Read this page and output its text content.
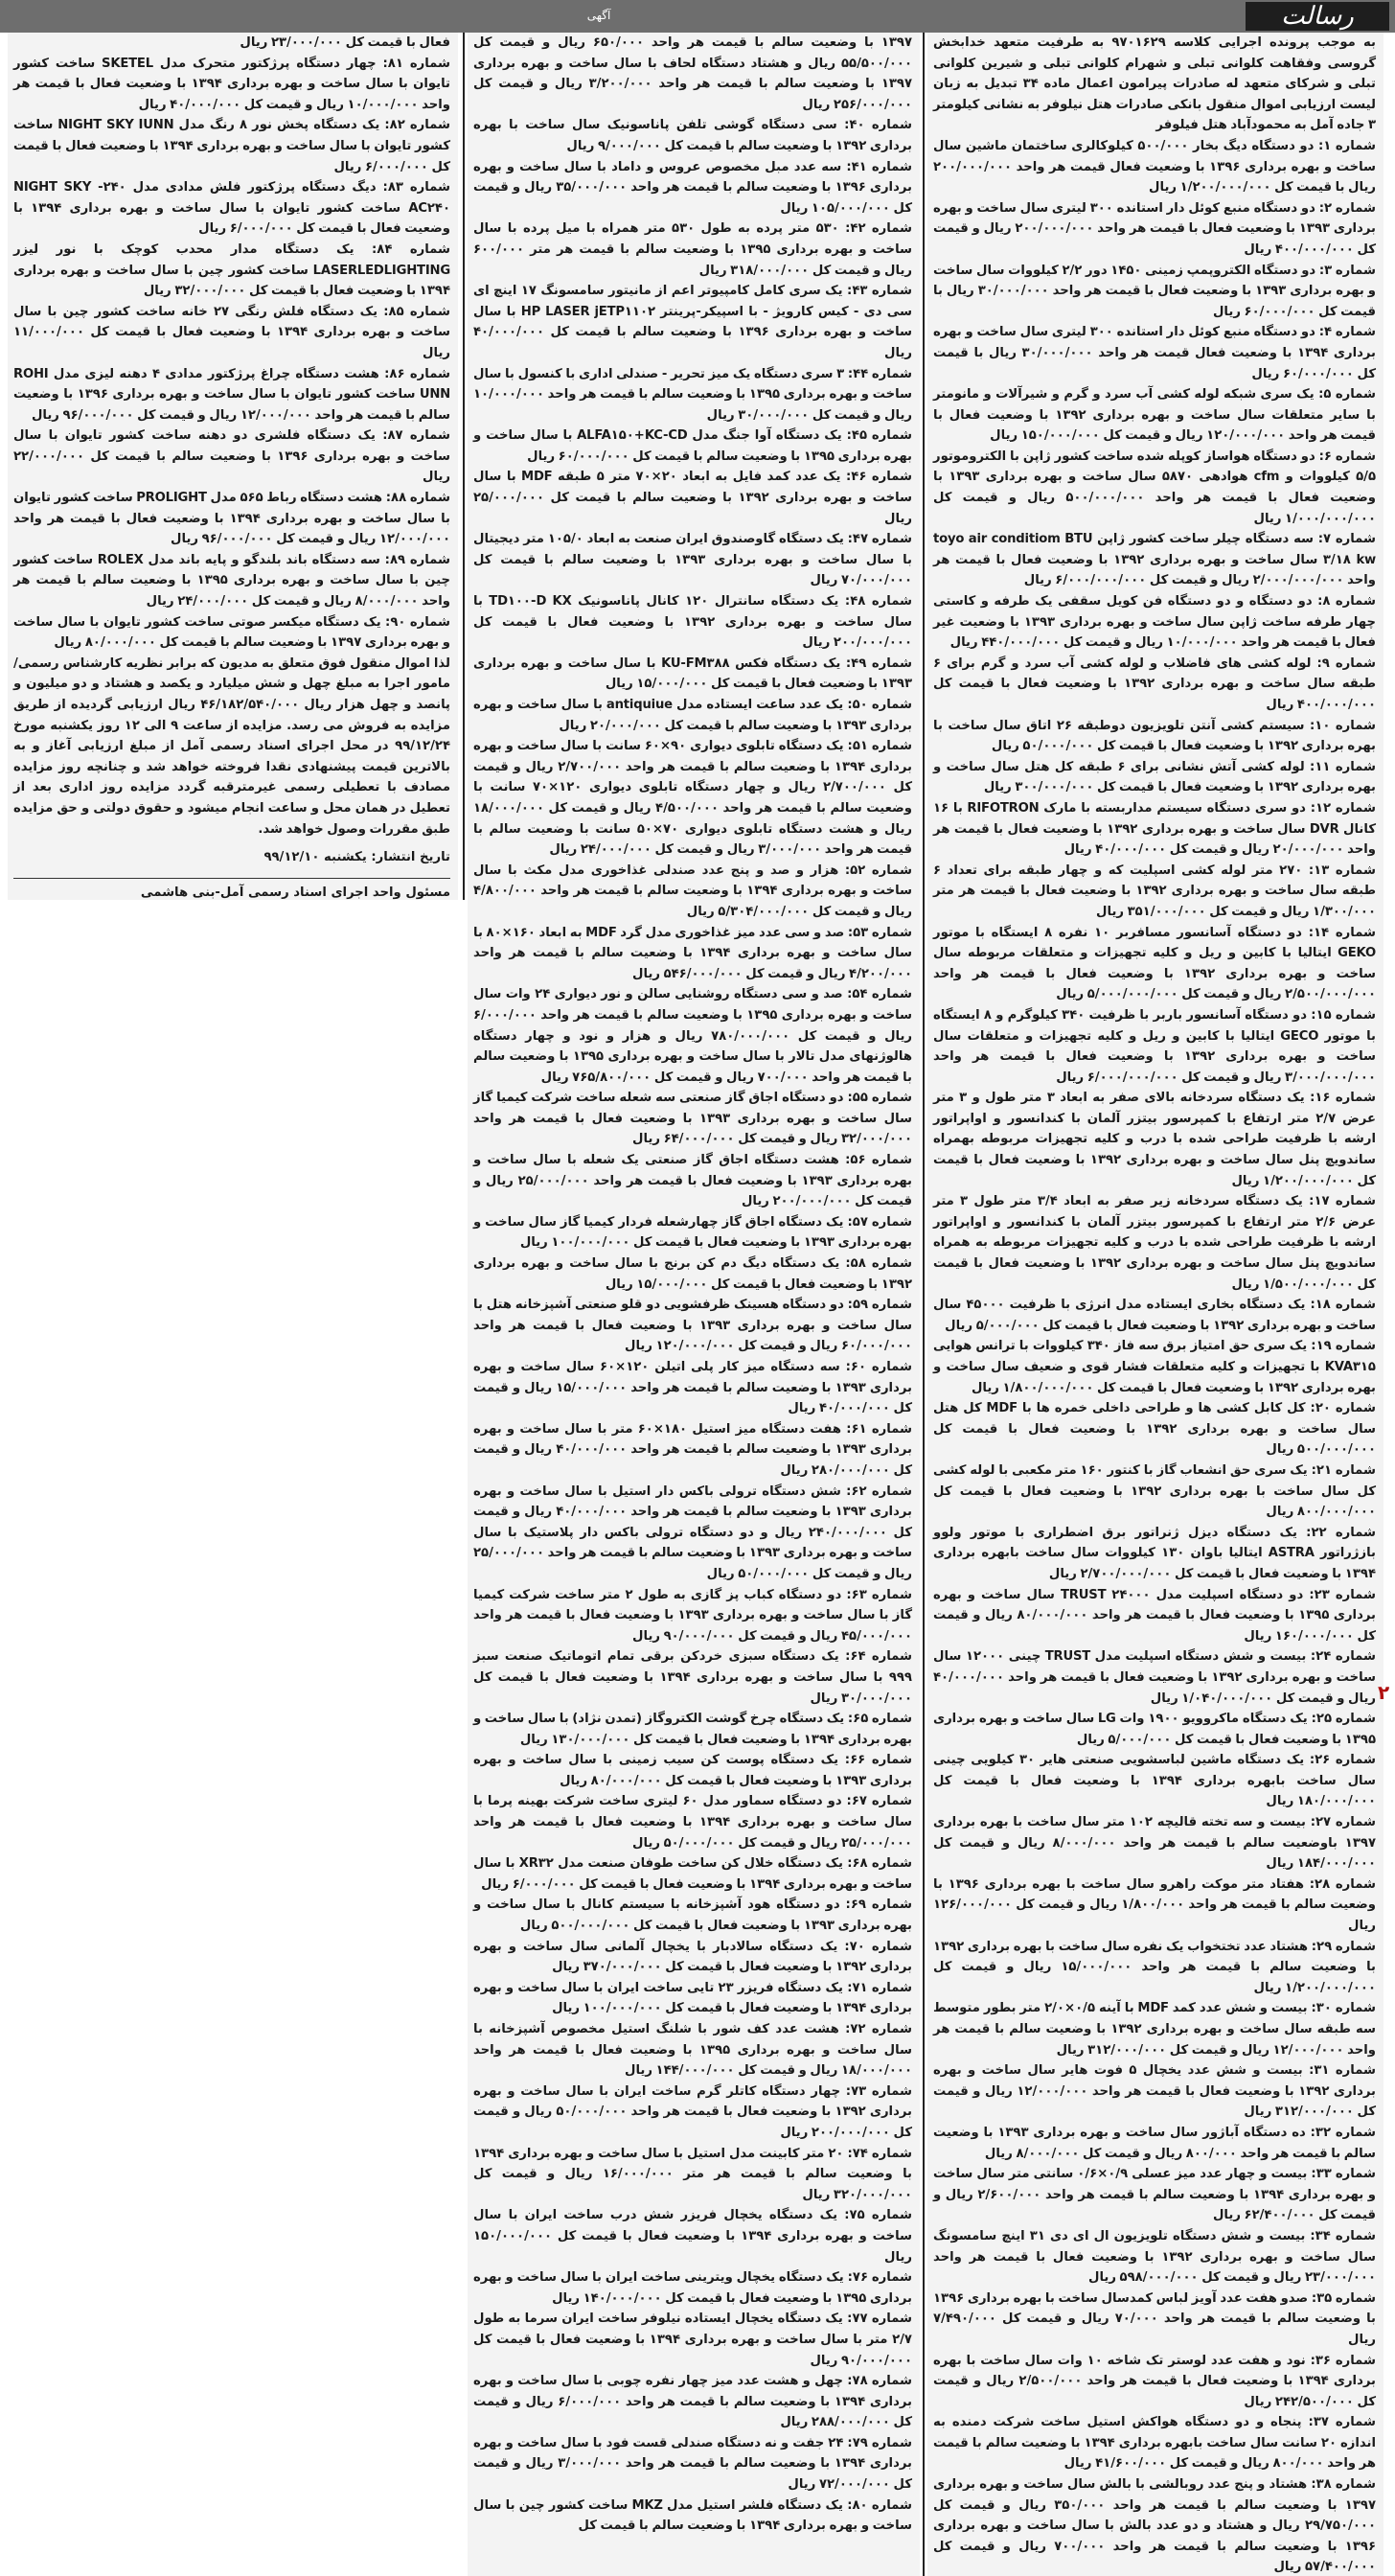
آگهی	رسالت

به موجب پرونده اجرایی کلاسه ۹۷۰۱۶۲۹ به طرفیت متعهد خدابخش گروسی وفقاهت کلوانی تبلی و شهرام کلوانی تبلی و شیرین کلوانی تبلی و شرکای متعهد له صادرات پیرامون اعمال ماده ۳۴ تبدیل به زبان لیست ارزیابی اموال منقول بانکی صادرات هتل نیلوفر به نشانی کیلومتر ۳ جاده آمل به محمودآباد هتل فیلوفر
شماره ۱: دو دستگاه دیگ بخار ۵۰۰/۰۰۰ کیلوکالری ساختمان ماشین سال ساخت و بهره برداری ۱۳۹۶ با وضعیت فعال قیمت هر واحد ۲۰۰/۰۰۰/۰۰۰ ریال با قیمت کل ۱/۲۰۰/۰۰۰/۰۰۰ ریال
شماره ۲: دو دستگاه منبع کوئل دار استانده ۳۰۰ لیتری سال ساخت و بهره برداری ۱۳۹۳ با وضعیت فعال با قیمت هر واحد ۲۰۰/۰۰۰/۰۰۰ ریال و قیمت کل ۴۰۰/۰۰۰/۰۰۰ ریال
شماره ۳: دو دستگاه الکتروپمپ زمینی ۱۴۵۰ دور ۲/۲ کیلووات سال ساخت و بهره برداری ۱۳۹۳ با وضعیت فعال با قیمت هر واحد ۳۰/۰۰۰/۰۰۰ ریال با قیمت کل ۶۰/۰۰۰/۰۰۰ ریال
شماره ۴: دو دستگاه منبع کوئل دار استانده ۳۰۰ لیتری سال ساخت و بهره برداری ۱۳۹۴ با وضعیت فعال قیمت هر واحد ۳۰/۰۰۰/۰۰۰ ریال با قیمت کل ۶۰/۰۰۰/۰۰۰ ریال
شماره ۵: یک سری شبکه لوله کشی آب سرد و گرم و شیرآلات و مانومتر با سایر متعلقات سال ساخت و بهره برداری ۱۳۹۲ با وضعیت فعال با قیمت هر واحد ۱۲۰/۰۰۰/۰۰۰ ریال و قیمت کل ۱۵۰/۰۰۰/۰۰۰ ریال
شماره ۶: دو دستگاه هواساز کوپله شده ساخت کشور ژاپن با الکتروموتور ۵/۵ کیلووات و cfm هوادهی ۵۸۷۰ سال ساخت و بهره برداری ۱۳۹۳ با وضعیت فعال با قیمت هر واحد ۵۰۰/۰۰۰/۰۰۰ ریال و قیمت کل ۱/۰۰۰/۰۰۰/۰۰۰ ریال
شماره ۷: سه دستگاه چیلر ساخت کشور ژاپن toyo air conditiom BTU ۳/۱۸ kw سال ساخت و بهره برداری ۱۳۹۲ با وضعیت فعال با قیمت هر واحد ۲/۰۰۰/۰۰۰/۰۰۰ ریال و قیمت کل ۶/۰۰۰/۰۰۰/۰۰۰ ریال
شماره ۸: دو دستگاه و دو دستگاه فن کویل سقفی یک طرفه و کاستی چهار طرفه ساخت ژاپن سال ساخت و بهره برداری ۱۳۹۳ با وضعیت غیر فعال با قیمت هر واحد ۱۰/۰۰۰/۰۰۰ ریال و قیمت کل ۴۴۰/۰۰۰/۰۰۰ ریال
شماره ۹: لوله کشی های فاضلاب و لوله کشی آب سرد و گرم برای ۶ طبقه سال ساخت و بهره برداری ۱۳۹۲ با وضعیت فعال با قیمت کل ۴۰۰/۰۰۰/۰۰۰ ریال
شماره ۱۰: سیستم کشی آنتن تلویزیون دوطبقه ۲۶ اتاق سال ساخت با بهره برداری ۱۳۹۲ با وضعیت فعال با قیمت کل ۵۰/۰۰۰/۰۰۰ ریال
شماره ۱۱: لوله کشی آتش نشانی برای ۶ طبقه کل هتل سال ساخت و بهره برداری ۱۳۹۲ با وضعیت فعال با قیمت کل ۳۰۰/۰۰۰/۰۰۰ ریال
شماره ۱۲: دو سری دستگاه سیستم مداربسته با مارک RIFOTRON با ۱۶ کانال DVR سال ساخت و بهره برداری ۱۳۹۲ با وضعیت فعال با قیمت هر واحد ۲۰/۰۰۰/۰۰۰ ریال و قیمت کل ۴۰/۰۰۰/۰۰۰ ریال
شماره ۱۳: ۲۷۰ متر لوله کشی اسپلیت که و چهار طبقه برای تعداد ۶ طبقه سال ساخت و بهره برداری ۱۳۹۲ با وضعیت فعال با قیمت هر متر ۱/۳۰۰/۰۰۰ ریال و قیمت کل ۳۵۱/۰۰۰/۰۰۰ ریال
شماره ۱۴: دو دستگاه آسانسور مسافربر ۱۰ نفره ۸ ایستگاه با موتور GEKO ایتالیا با کابین و ریل و کلیه تجهیزات و متعلقات مربوطه سال ساخت و بهره برداری ۱۳۹۲ با وضعیت فعال با قیمت هر واحد ۲/۵۰۰/۰۰۰/۰۰۰ ریال و قیمت کل ۵/۰۰۰/۰۰۰/۰۰۰ ریال
شماره ۱۵: دو دستگاه آسانسور باربر با ظرفیت ۳۴۰ کیلوگرم و ۸ ایستگاه با موتور GECO ایتالیا با کابین و ریل و کلیه تجهیزات و متعلقات سال ساخت و بهره برداری ۱۳۹۲ با وضعیت فعال با قیمت هر واحد ۳/۰۰۰/۰۰۰/۰۰۰ ریال و قیمت کل ۶/۰۰۰/۰۰۰/۰۰۰ ریال
شماره ۱۶: یک دستگاه سردخانه بالای صفر به ابعاد ۳ متر طول و ۳ متر عرض ۲/۷ متر ارتفاع با کمپرسور بیتزر آلمان با کندانسور و اواپراتور ارشه با ظرفیت طراحی شده با درب و کلیه تجهیزات مربوطه بهمراه ساندویچ پنل سال ساخت و بهره برداری ۱۳۹۲ با وضعیت فعال با قیمت کل ۱/۲۰۰/۰۰۰/۰۰۰ ریال
شماره ۱۷: یک دستگاه سردخانه زیر صفر به ابعاد ۳/۴ متر طول ۳ متر عرض ۲/۶ متر ارتفاع با کمپرسور بیتزر آلمان با کندانسور و اواپراتور ارشه با ظرفیت طراحی شده با درب و کلیه تجهیزات مربوطه به همراه ساندویچ پنل سال ساخت و بهره برداری ۱۳۹۲ با وضعیت فعال با قیمت کل ۱/۵۰۰/۰۰۰/۰۰۰ ریال
شماره ۱۸: یک دستگاه بخاری ایستاده مدل انرژی با ظرفیت ۴۵۰۰۰ سال ساخت و بهره برداری ۱۳۹۲ با وضعیت فعال با قیمت کل ۵/۰۰۰/۰۰۰ ریال
شماره ۱۹: یک سری حق امتیاز برق سه فاز ۳۴۰ کیلووات با ترانس هوایی KVA۳۱۵ با تجهیزات و کلیه متعلقات فشار قوی و ضعیف سال ساخت و بهره برداری ۱۳۹۲ با وضعیت فعال با قیمت کل ۱/۸۰۰/۰۰۰/۰۰۰ ریال
شماره ۲۰: کل کابل کشی ها و طراحی داخلی خمره ها با MDF کل هتل سال ساخت و بهره برداری ۱۳۹۲ با وضعیت فعال با قیمت کل ۵۰۰/۰۰۰/۰۰۰ ریال
شماره ۲۱: یک سری حق انشعاب گاز با کنتور ۱۶۰ متر مکعبی با لوله کشی کل سال ساخت با بهره برداری ۱۳۹۲ با وضعیت فعال با قیمت کل ۸۰۰/۰۰۰/۰۰۰ ریال
شماره ۲۲: یک دستگاه دیزل ژنراتور برق اضطراری با موتور ولوو بازژراتور ASTRA ایتالیا باوان ۱۳۰ کیلووات سال ساخت بابهره برداری ۱۳۹۴ با وضعیت فعال با قیمت کل ۲/۷۰۰/۰۰۰/۰۰۰ ریال
شماره ۲۳: دو دستگاه اسپلیت مدل TRUST ۲۴۰۰۰ سال ساخت و بهره برداری ۱۳۹۵ با وضعیت فعال با قیمت هر واحد ۸۰/۰۰۰/۰۰۰ ریال و قیمت کل ۱۶۰/۰۰۰/۰۰۰ ریال
شماره ۲۴: بیست و شش دستگاه اسپلیت مدل TRUST چینی ۱۲۰۰۰ سال ساخت و بهره برداری ۱۳۹۲ با وضعیت فعال با قیمت هر واحد ۴۰/۰۰۰/۰۰۰ ریال و قیمت کل ۱/۰۴۰/۰۰۰/۰۰۰ ریال
شماره ۲۵: یک دستگاه ماکروویو ۱۹۰۰ وات LG سال ساخت و بهره برداری ۱۳۹۵ با وضعیت فعال با قیمت کل ۵/۰۰۰/۰۰۰ ریال
شماره ۲۶: یک دستگاه ماشین لباسشویی صنعتی هایر ۳۰ کیلویی چینی سال ساخت بابهره برداری ۱۳۹۴ با وضعیت فعال با قیمت کل ۱۸۰/۰۰۰/۰۰۰ ریال
شماره ۲۷: بیست و سه تخته قالیچه ۱۰۲ متر سال ساخت با بهره برداری ۱۳۹۷ باوضعیت سالم با قیمت هر واحد ۸/۰۰۰/۰۰۰ ریال و قیمت کل ۱۸۴/۰۰۰/۰۰۰ ریال
شماره ۲۸: هفتاد متر موکت راهرو سال ساخت با بهره برداری ۱۳۹۶ با وضعیت سالم با قیمت هر واحد ۱/۸۰۰/۰۰۰ ریال و قیمت کل ۱۲۶/۰۰۰/۰۰۰ ریال
شماره ۲۹: هشتاد عدد تختخواب یک نفره سال ساخت با بهره برداری ۱۳۹۲ با وضعیت سالم با قیمت هر واحد ۱۵/۰۰۰/۰۰۰ ریال و قیمت کل ۱/۲۰۰/۰۰۰/۰۰۰ ریال
شماره ۳۰: بیست و شش عدد کمد MDF با آینه ۰/۵×۲/۰ متر بطور متوسط سه طبقه سال ساخت و بهره برداری ۱۳۹۲ با وضعیت سالم با قیمت هر واحد ۱۲/۰۰۰/۰۰۰ ریال و قیمت کل ۳۱۲/۰۰۰/۰۰۰ ریال
شماره ۳۱: بیست و شش عدد یخچال ۵ فوت هایر سال ساخت و بهره برداری ۱۳۹۲ با وضعیت فعال با قیمت هر واحد ۱۲/۰۰۰/۰۰۰ ریال و قیمت کل ۳۱۲/۰۰۰/۰۰۰ ریال
شماره ۳۲: ده دستگاه آباژور سال ساخت و بهره برداری ۱۳۹۳ با وضعیت سالم با قیمت هر واحد ۸۰۰/۰۰۰ ریال و قیمت کل ۸/۰۰۰/۰۰۰ ریال
شماره ۳۳: بیست و چهار عدد میز عسلی ۰/۹×۰/۶ سانتی متر سال ساخت و بهره برداری ۱۳۹۴ با وضعیت سالم با قیمت هر واحد ۲/۶۰۰/۰۰۰ ریال و قیمت کل ۶۲/۴۰۰/۰۰۰ ریال
شماره ۳۴: بیست و شش دستگاه تلویزیون ال ای دی ۳۱ اینچ سامسونگ سال ساخت و بهره برداری ۱۳۹۲ با وضعیت فعال با قیمت هر واحد ۲۳/۰۰۰/۰۰۰ ریال و قیمت کل ۵۹۸/۰۰۰/۰۰۰ ریال
شماره ۳۵: صدو هفت عدد آویز لباس کمدسال ساخت با بهره برداری ۱۳۹۶ با وضعیت سالم با قیمت هر واحد ۷۰/۰۰۰ ریال و قیمت کل ۷/۴۹۰/۰۰۰ ریال
شماره ۳۶: نود و هفت عدد لوستر تک شاخه ۱۰ وات سال ساخت با بهره برداری ۱۳۹۴ با وضعیت فعال با قیمت هر واحد ۲/۵۰۰/۰۰۰ ریال و قیمت کل ۲۴۲/۵۰۰/۰۰۰ ریال
شماره ۳۷: پنجاه و دو دستگاه هواکش استیل ساخت شرکت دمنده به اندازه ۲۰ سانت سال ساخت بابهره برداری ۱۳۹۴ با وضعیت سالم با قیمت هر واحد ۸۰۰/۰۰۰ ریال و قیمت کل ۴۱/۶۰۰/۰۰۰ ریال
شماره ۳۸: هشتاد و پنج عدد روبالشی با بالش سال ساخت و بهره برداری ۱۳۹۷ با وضعیت سالم با قیمت هر واحد ۳۵۰/۰۰۰ ریال و قیمت کل ۲۹/۷۵۰/۰۰۰ ریال و هشتاد و دو عدد بالش با سال ساخت و بهره برداری ۱۳۹۶ با وضعیت سالم با قیمت هر واحد ۷۰۰/۰۰۰ ریال و قیمت کل ۵۷/۴۰۰/۰۰۰ ریال

۱۳۹۷ با وضعیت سالم با قیمت هر واحد ۶۵۰/۰۰۰ ریال و قیمت کل ۵۵/۵۰۰/۰۰۰ ریال و هشتاد دستگاه لحاف با سال ساخت و بهره برداری ۱۳۹۷ با وضعیت سالم با قیمت هر واحد ۳/۲۰۰/۰۰۰ ریال و قیمت کل ۲۵۶/۰۰۰/۰۰۰ ریال
شماره ۴۰: سی دستگاه گوشی تلفن پاناسونیک سال ساخت با بهره برداری ۱۳۹۲ با وضعیت سالم با قیمت کل ۹/۰۰۰/۰۰۰ ریال
شماره ۴۱: سه عدد مبل مخصوص عروس و داماد با سال ساخت و بهره برداری ۱۳۹۶ با وضعیت سالم با قیمت هر واحد ۳۵/۰۰۰/۰۰۰ ریال و قیمت کل ۱۰۵/۰۰۰/۰۰۰ ریال
شماره ۴۲: ۵۳۰ متر پرده به طول ۵۳۰ متر همراه با میل پرده با سال ساخت و بهره برداری ۱۳۹۵ با وضعیت سالم با قیمت هر متر ۶۰۰/۰۰۰ ریال و قیمت کل ۳۱۸/۰۰۰/۰۰۰ ریال
شماره ۴۳: یک سری کامل کامپیوتر اعم از مانیتور سامسونگ ۱۷ اینچ ای سی دی - کیس کارویژ - با اسپیکر-پرینتر HP LASER jETP۱۱۰۲ با سال ساخت و بهره برداری ۱۳۹۶ با وضعیت سالم با قیمت کل ۴۰/۰۰۰/۰۰۰ ریال
شماره ۴۴: ۳ سری دستگاه یک میز تحریر - صندلی اداری با کنسول با سال ساخت و بهره برداری ۱۳۹۵ با وضعیت سالم با قیمت هر واحد ۱۰/۰۰۰/۰۰۰ ریال و قیمت کل ۳۰/۰۰۰/۰۰۰ ریال
شماره ۴۵: یک دستگاه آوا جنگ مدل ALFA۱۵۰+KC-CD با سال ساخت و بهره برداری ۱۳۹۵ با وضعیت سالم با قیمت کل ۶۰/۰۰۰/۰۰۰ ریال
شماره ۴۶: یک عدد کمد فایل به ابعاد ۲۰×۷۰ متر ۵ طبقه MDF با سال ساخت و بهره برداری ۱۳۹۲ با وضعیت سالم با قیمت کل ۲۵/۰۰۰/۰۰۰ ریال
شماره ۴۷: یک دستگاه گاوصندوق ایران صنعت به ابعاد ۱۰۵/۰ متر دیجیتال با سال ساخت و بهره برداری ۱۳۹۳ با وضعیت سالم با قیمت کل ۷۰/۰۰۰/۰۰۰ ریال
شماره ۴۸: یک دستگاه سانترال ۱۲۰ کانال پاناسونیک TD۱۰۰-D KX با سال ساخت و بهره برداری ۱۳۹۲ با وضعیت فعال با قیمت کل ۲۰۰/۰۰۰/۰۰۰ ریال
شماره ۴۹: یک دستگاه فکس KU-FM۳۸۸ با سال ساخت و بهره برداری ۱۳۹۳ با وضعیت فعال با قیمت کل ۱۵/۰۰۰/۰۰۰ ریال
شماره ۵۰: یک عدد ساعت ایستاده مدل antiquiue با سال ساخت و بهره برداری ۱۳۹۳ با وضعیت سالم با قیمت کل ۲۰/۰۰۰/۰۰۰ ریال
شماره ۵۱: یک دستگاه تابلوی دیواری ۹۰×۶۰ سانت با سال ساخت و بهره برداری ۱۳۹۴ با وضعیت سالم با قیمت هر واحد ۲/۷۰۰/۰۰۰ ریال و قیمت کل ۲/۷۰۰/۰۰۰ ریال و چهار دستگاه تابلوی دیواری ۱۲۰×۷۰ سانت با وضعیت سالم با قیمت هر واحد ۴/۵۰۰/۰۰۰ ریال و قیمت کل ۱۸/۰۰۰/۰۰۰ ریال و هشت دستگاه تابلوی دیواری ۷۰×۵۰ سانت با وضعیت سالم با قیمت هر واحد ۳/۰۰۰/۰۰۰ ریال و قیمت کل ۲۴/۰۰۰/۰۰۰ ریال
شماره ۵۲: هزار و صد و پنج عدد صندلی غذاخوری مدل مکث با سال ساخت و بهره برداری ۱۳۹۴ با وضعیت سالم با قیمت هر واحد ۴/۸۰۰/۰۰۰ ریال و قیمت کل ۵/۳۰۴/۰۰۰/۰۰۰ ریال
شماره ۵۳: صد و سی عدد میز غذاخوری مدل گرد MDF به ابعاد ۱۶۰×۸۰ با سال ساخت و بهره برداری ۱۳۹۴ با وضعیت سالم با قیمت هر واحد ۴/۲۰۰/۰۰۰ ریال و قیمت کل ۵۴۶/۰۰۰/۰۰۰ ریال
شماره ۵۴: صد و سی دستگاه روشنایی سالن و نور دیواری ۲۴ وات سال ساخت و بهره برداری ۱۳۹۵ با وضعیت سالم با قیمت هر واحد ۶/۰۰۰/۰۰۰ ریال و قیمت کل ۷۸۰/۰۰۰/۰۰۰ ریال و هزار و نود و چهار دستگاه هالوژنهای مدل تالار با سال ساخت و بهره برداری ۱۳۹۵ با وضعیت سالم با قیمت هر واحد ۷۰۰/۰۰۰ ریال و قیمت کل ۷۶۵/۸۰۰/۰۰۰ ریال
شماره ۵۵: دو دستگاه اجاق گاز صنعتی سه شعله ساخت شرکت کیمیا گاز سال ساخت و بهره برداری ۱۳۹۳ با وضعیت فعال با قیمت هر واحد ۳۲/۰۰۰/۰۰۰ ریال و قیمت کل ۶۴/۰۰۰/۰۰۰ ریال
شماره ۵۶: هشت دستگاه اجاق گاز صنعتی یک شعله با سال ساخت و بهره برداری ۱۳۹۳ با وضعیت فعال با قیمت هر واحد ۲۵/۰۰۰/۰۰۰ ریال و قیمت کل ۲۰۰/۰۰۰/۰۰۰ ریال
شماره ۵۷: یک دستگاه اجاق گاز چهارشعله فردار کیمیا گاز سال ساخت و بهره برداری ۱۳۹۳ با وضعیت فعال با قیمت کل ۱۰۰/۰۰۰/۰۰۰ ریال
شماره ۵۸: یک دستگاه دیگ دم کن برنج با سال ساخت و بهره برداری ۱۳۹۲ با وضعیت فعال با قیمت کل ۱۵/۰۰۰/۰۰۰ ریال
شماره ۵۹: دو دستگاه هسینک ظرفشویی دو قلو صنعتی آشپزخانه هتل با سال ساخت و بهره برداری ۱۳۹۳ با وضعیت فعال با قیمت هر واحد ۶۰/۰۰۰/۰۰۰ ریال و قیمت کل ۱۲۰/۰۰۰/۰۰۰ ریال
شماره ۶۰: سه دستگاه میز کار پلی اتیلن ۱۲۰×۶۰ سال ساخت و بهره برداری ۱۳۹۳ با وضعیت سالم با قیمت هر واحد ۱۵/۰۰۰/۰۰۰ ریال و قیمت کل ۴۰/۰۰۰/۰۰۰ ریال
شماره ۶۱: هفت دستگاه میز استیل ۱۸۰×۶۰ متر با سال ساخت و بهره برداری ۱۳۹۳ با وضعیت سالم با قیمت هر واحد ۴۰/۰۰۰/۰۰۰ ریال و قیمت کل ۲۸۰/۰۰۰/۰۰۰ ریال
شماره ۶۲: شش دستگاه ترولی باکس دار استیل با سال ساخت و بهره برداری ۱۳۹۳ با وضعیت سالم با قیمت هر واحد ۴۰/۰۰۰/۰۰۰ ریال و قیمت کل ۲۴۰/۰۰۰/۰۰۰ ریال و دو دستگاه ترولی باکس دار پلاستیک با سال ساخت و بهره برداری ۱۳۹۳ با وضعیت سالم با قیمت هر واحد ۲۵/۰۰۰/۰۰۰ ریال و قیمت کل ۵۰/۰۰۰/۰۰۰ ریال
شماره ۶۳: دو دستگاه کباب پز گازی به طول ۲ متر ساخت شرکت کیمیا گاز با سال ساخت و بهره برداری ۱۳۹۳ با وضعیت فعال با قیمت هر واحد ۴۵/۰۰۰/۰۰۰ ریال و قیمت کل ۹۰/۰۰۰/۰۰۰ ریال
شماره ۶۴: یک دستگاه سبزی خردکن برقی تمام اتوماتیک صنعت سبز ۹۹۹ با سال ساخت و بهره برداری ۱۳۹۴ با وضعیت فعال با قیمت کل ۳۰/۰۰۰/۰۰۰ ریال
شماره ۶۵: یک دستگاه چرخ گوشت الکتروگاز (تمدن نژاد) با سال ساخت و بهره برداری ۱۳۹۴ با وضعیت فعال با قیمت کل ۱۳۰/۰۰۰/۰۰۰ ریال
شماره ۶۶: یک دستگاه پوست کن سیب زمینی با سال ساخت و بهره برداری ۱۳۹۳ با وضعیت فعال با قیمت کل ۸۰/۰۰۰/۰۰۰ ریال
شماره ۶۷: دو دستگاه سماور مدل ۶۰ لیتری ساخت شرکت بهینه پرما با سال ساخت و بهره برداری ۱۳۹۴ با وضعیت فعال با قیمت هر واحد ۲۵/۰۰۰/۰۰۰ ریال و قیمت کل ۵۰/۰۰۰/۰۰۰ ریال
شماره ۶۸: یک دستگاه خلال کن ساخت طوفان صنعت مدل XR۳۲ با سال ساخت و بهره برداری ۱۳۹۴ با وضعیت فعال با قیمت کل ۶/۰۰۰/۰۰۰ ریال
شماره ۶۹: دو دستگاه هود آشپزخانه با سیستم کانال با سال ساخت و بهره برداری ۱۳۹۳ با وضعیت فعال با قیمت کل ۵۰۰/۰۰۰/۰۰۰ ریال
شماره ۷۰: یک دستگاه سالادبار با یخچال آلمانی سال ساخت و بهره برداری ۱۳۹۲ با وضعیت فعال با قیمت کل ۳۷۰/۰۰۰/۰۰۰ ریال
شماره ۷۱: یک دستگاه فریزر ۲۳ تایی ساخت ایران با سال ساخت و بهره برداری ۱۳۹۴ با وضعیت فعال با قیمت کل ۱۰۰/۰۰۰/۰۰۰ ریال
شماره ۷۲: هشت عدد کف شور با شلنگ استیل مخصوص آشپزخانه با سال ساخت و بهره برداری ۱۳۹۵ با وضعیت فعال با قیمت هر واحد ۱۸/۰۰۰/۰۰۰ ریال و قیمت کل ۱۴۴/۰۰۰/۰۰۰ ریال
شماره ۷۳: چهار دستگاه کاتلر گرم ساخت ایران با سال ساخت و بهره برداری ۱۳۹۲ با وضعیت فعال با قیمت هر واحد ۵۰/۰۰۰/۰۰۰ ریال و قیمت کل ۲۰۰/۰۰۰/۰۰۰ ریال
شماره ۷۴: ۲۰ متر کابینت مدل استیل با سال ساخت و بهره برداری ۱۳۹۴ با وضعیت سالم با قیمت هر متر ۱۶/۰۰۰/۰۰۰ ریال و قیمت کل ۳۲۰/۰۰۰/۰۰۰ ریال
شماره ۷۵: یک دستگاه یخچال فریزر شش درب ساخت ایران با سال ساخت و بهره برداری ۱۳۹۴ با وضعیت فعال با قیمت کل ۱۵۰/۰۰۰/۰۰۰ ریال
شماره ۷۶: یک دستگاه یخچال ویترینی ساخت ایران با سال ساخت و بهره برداری ۱۳۹۵ با وضعیت فعال با قیمت کل ۱۴۰/۰۰۰/۰۰۰ ریال
شماره ۷۷: یک دستگاه یخچال ایستاده نیلوفر ساخت ایران سرما به طول ۲/۷ متر با سال ساخت و بهره برداری ۱۳۹۴ با وضعیت فعال با قیمت کل ۹۰/۰۰۰/۰۰۰ ریال
شماره ۷۸: چهل و هشت عدد میز چهار نفره چوبی با سال ساخت و بهره برداری ۱۳۹۴ با وضعیت سالم با قیمت هر واحد ۶/۰۰۰/۰۰۰ ریال و قیمت کل ۲۸۸/۰۰۰/۰۰۰ ریال
شماره ۷۹: ۲۴ جفت و نه دستگاه صندلی قست فود با سال ساخت و بهره برداری ۱۳۹۴ با وضعیت سالم با قیمت هر واحد ۳/۰۰۰/۰۰۰ ریال و قیمت کل ۷۲/۰۰۰/۰۰۰ ریال
شماره ۸۰: یک دستگاه فلشر استیل مدل MKZ ساخت کشور چین با سال ساخت و بهره برداری ۱۳۹۴ با وضعیت سالم با قیمت کل

فعال با قیمت کل ۲۳/۰۰۰/۰۰۰ ریال
شماره ۸۱: چهار دستگاه پرژکتور متحرک مدل SKETEL ساخت کشور تایوان با سال ساخت و بهره برداری ۱۳۹۴ با وضعیت فعال با قیمت هر واحد ۱۰/۰۰۰/۰۰۰ ریال و قیمت کل ۴۰/۰۰۰/۰۰۰ ریال
شماره ۸۲: یک دستگاه پخش نور ۸ رنگ مدل NIGHT SKY IUNN ساخت کشور تایوان با سال ساخت و بهره برداری ۱۳۹۴ با وضعیت فعال با قیمت کل ۶/۰۰۰/۰۰۰ ریال
شماره ۸۳: دیگ دستگاه پرژکتور فلش مدادی مدل ۲۴۰- NIGHT SKY AC۲۴۰ ساخت کشور تایوان با سال ساخت و بهره برداری ۱۳۹۴ با وضعیت فعال با قیمت کل ۶/۰۰۰/۰۰۰ ریال
شماره ۸۴: یک دستگاه مدار محدب کوچک با نور لیزر LASERLEDLIGHTING ساخت کشور چین با سال ساخت و بهره برداری ۱۳۹۴ با وضعیت فعال با قیمت کل ۳۲/۰۰۰/۰۰۰ ریال
شماره ۸۵: یک دستگاه فلش رنگی ۲۷ خانه ساخت کشور چین با سال ساخت و بهره برداری ۱۳۹۴ با وضعیت فعال با قیمت کل ۱۱/۰۰۰/۰۰۰ ریال
شماره ۸۶: هشت دستگاه چراغ پرژکتور مدادی ۴ دهنه لیزی مدل ROHI UNN ساخت کشور تایوان با سال ساخت و بهره برداری ۱۳۹۶ با وضعیت سالم با قیمت هر واحد ۱۲/۰۰۰/۰۰۰ ریال و قیمت کل ۹۶/۰۰۰/۰۰۰ ریال
شماره ۸۷: یک دستگاه فلشری دو دهنه ساخت کشور تایوان با سال ساخت و بهره برداری ۱۳۹۶ با وضعیت سالم با قیمت کل ۲۲/۰۰۰/۰۰۰ ریال
شماره ۸۸: هشت دستگاه رباط ۵۶۵ مدل PROLIGHT ساخت کشور تایوان با سال ساخت و بهره برداری ۱۳۹۴ با وضعیت فعال با قیمت هر واحد ۱۲/۰۰۰/۰۰۰ ریال و قیمت کل ۹۶/۰۰۰/۰۰۰ ریال
شماره ۸۹: سه دستگاه باند بلندگو و پایه باند مدل ROLEX ساخت کشور چین با سال ساخت و بهره برداری ۱۳۹۵ با وضعیت سالم با قیمت هر واحد ۸/۰۰۰/۰۰۰ ریال و قیمت کل ۲۴/۰۰۰/۰۰۰ ریال
شماره ۹۰: یک دستگاه میکسر صوتی ساخت کشور تایوان با سال ساخت و بهره برداری ۱۳۹۷ با وضعیت سالم با قیمت کل ۸۰/۰۰۰/۰۰۰ ریال
لذا اموال منقول فوق متعلق به مدیون که برابر نظریه کارشناس رسمی/مامور اجرا به مبلغ چهل و شش میلیارد و یکصد و هشتاد و دو میلیون و پانصد و چهل هزار ریال ۴۶/۱۸۲/۵۴۰/۰۰۰ ریال ارزیابی گردیده از طریق مزایده به فروش می رسد. مزایده از ساعت ۹ الی ۱۲ روز یکشنبه مورخ ۹۹/۱۲/۲۴ در محل اجرای اسناد رسمی آمل از مبلغ ارزیابی آغاز و به بالاترین قیمت پیشنهادی نقدا فروخته خواهد شد و چنانچه روز مزایده مصادف با تعطیلی رسمی غیرمترقبه گردد مزایده روز اداری بعد از تعطیل در همان محل و ساعت انجام میشود و حقوق دولتی و حق مزایده طبق مقررات وصول خواهد شد.

تاریخ انتشار: یکشنبه ۹۹/۱۲/۱۰
مسئول واحد اجرای اسناد رسمی آمل-بنی هاشمی
۲
